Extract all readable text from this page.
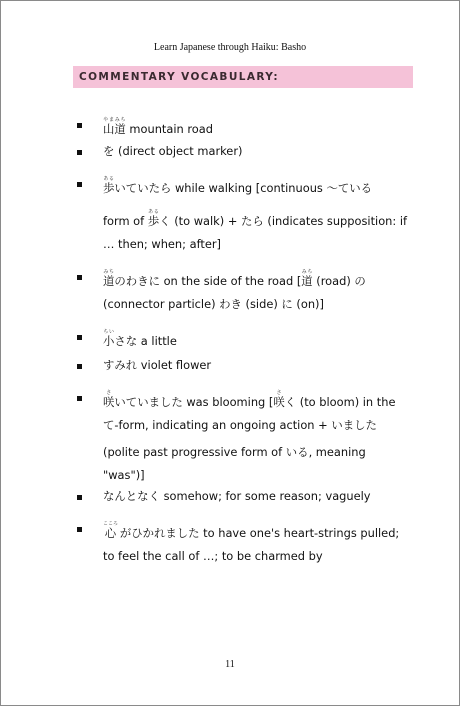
Learn Japanese through Haiku: Basho
COMMENTARY VOCABULARY:
山道やまみち mountain road
を (direct object marker)
歩あるいていたら while walking [continuous ～ている
form of 歩あるく (to walk) + たら (indicates supposition: if
… then; when; after]
道みちのわきに on the side of the road [道みち (road) の
(connector particle) わき (side) に (on)]
小ちいさな a little
すみれ violet flower
咲さいていました was blooming [咲さく (to bloom) in the
て-form, indicating an ongoing action + いました
(polite past progressive form of いる, meaning
"was")]
なんとなく somehow; for some reason; vaguely
心こころ がひかれました to have one's heart-strings pulled;
to feel the call of …; to be charmed by
11
